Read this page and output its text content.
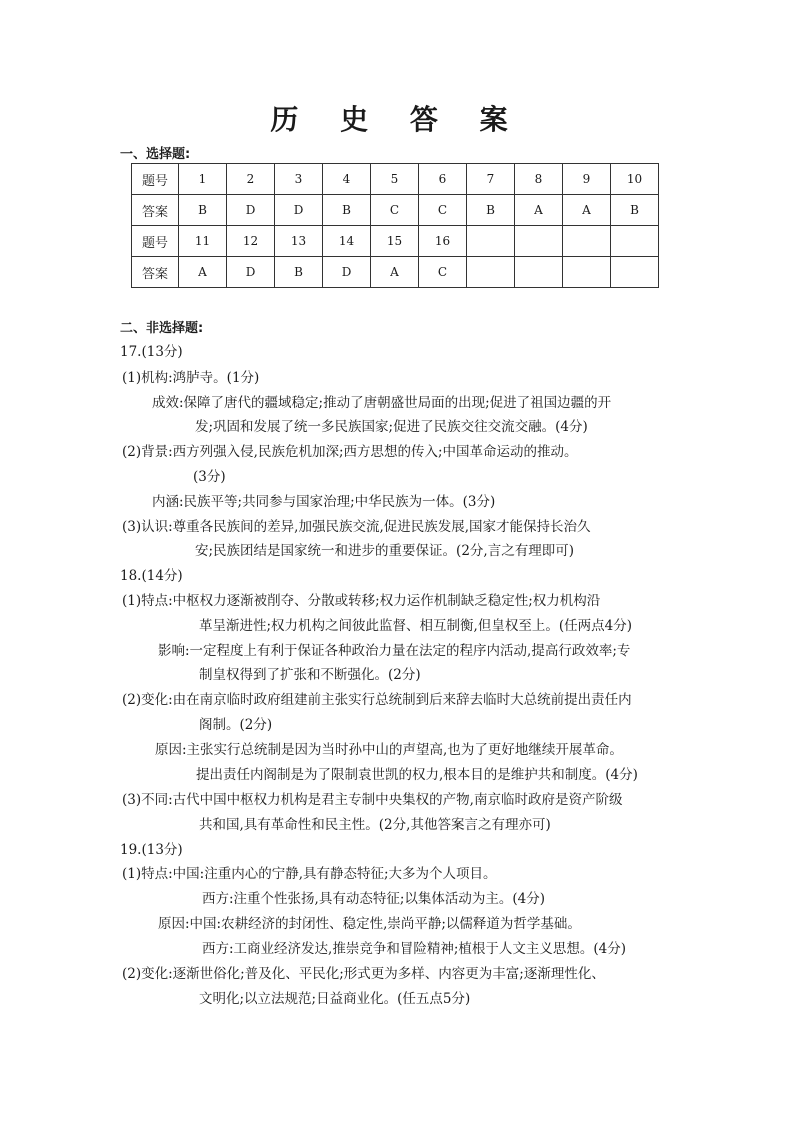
历 史 答 案
一、选择题:
题号	1	2	3	4	5	6	7	8	9	10
答案	B	D	D	B	C	C	B	A	A	B
题号	11	12	13	14	15	16				
答案	A	D	B	D	A	C				
二、非选择题:
17.(13分)
(1)机构:鸿胪寺。(1分)
成效:保障了唐代的疆域稳定;推动了唐朝盛世局面的出现;促进了祖国边疆的开
发;巩固和发展了统一多民族国家;促进了民族交往交流交融。(4分)
(2)背景:西方列强入侵,民族危机加深;西方思想的传入;中国革命运动的推动。
(3分)
内涵:民族平等;共同参与国家治理;中华民族为一体。(3分)
(3)认识:尊重各民族间的差异,加强民族交流,促进民族发展,国家才能保持长治久
安;民族团结是国家统一和进步的重要保证。(2分,言之有理即可)
18.(14分)
(1)特点:中枢权力逐渐被削夺、分散或转移;权力运作机制缺乏稳定性;权力机构沿
革呈渐进性;权力机构之间彼此监督、相互制衡,但皇权至上。(任两点4分)
影响:一定程度上有利于保证各种政治力量在法定的程序内活动,提高行政效率;专
制皇权得到了扩张和不断强化。(2分)
(2)变化:由在南京临时政府组建前主张实行总统制到后来辞去临时大总统前提出责任内
阁制。(2分)
原因:主张实行总统制是因为当时孙中山的声望高,也为了更好地继续开展革命。
提出责任内阁制是为了限制袁世凯的权力,根本目的是维护共和制度。(4分)
(3)不同:古代中国中枢权力机构是君主专制中央集权的产物,南京临时政府是资产阶级
共和国,具有革命性和民主性。(2分,其他答案言之有理亦可)
19.(13分)
(1)特点:中国:注重内心的宁静,具有静态特征;大多为个人项目。
西方:注重个性张扬,具有动态特征;以集体活动为主。(4分)
原因:中国:农耕经济的封闭性、稳定性,崇尚平静;以儒释道为哲学基础。
西方:工商业经济发达,推崇竞争和冒险精神;植根于人文主义思想。(4分)
(2)变化:逐渐世俗化;普及化、平民化;形式更为多样、内容更为丰富;逐渐理性化、
文明化;以立法规范;日益商业化。(任五点5分)
